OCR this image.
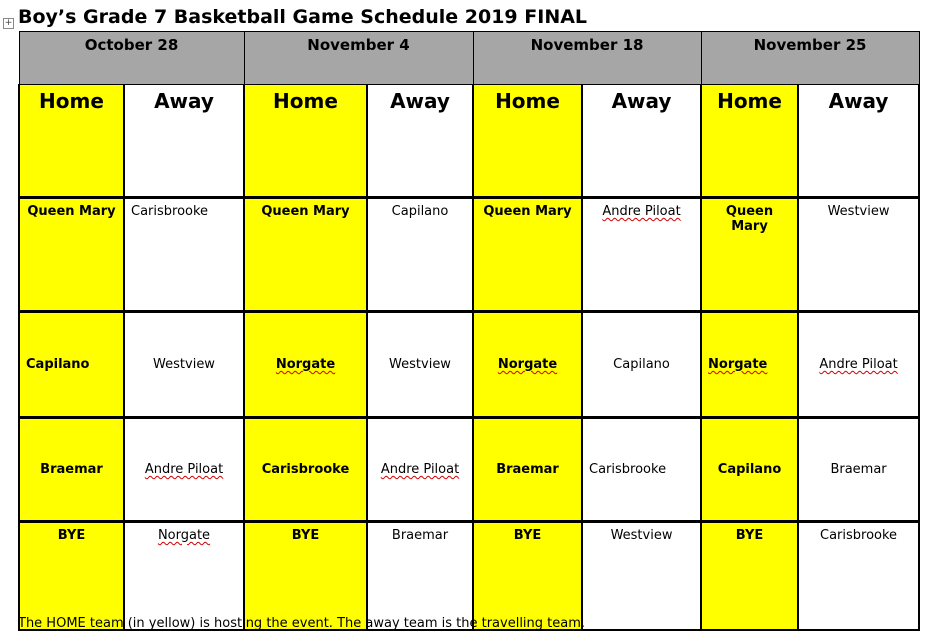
+ Boy’s Grade 7 Basketball Game Schedule 2019 FINAL
October 28		November 4		November 18		November 25	
Home	Away	Home	Away	Home	Away	Home	Away
Queen Mary	Carisbrooke	Queen Mary	Capilano	Queen Mary	Andre Piloat	Queen Mary	Westview
Capilano	Westview	Norgate	Westview	Norgate	Capilano	Norgate	Andre Piloat
Braemar	Andre Piloat	Carisbrooke	Andre Piloat	Braemar	Carisbrooke	Capilano	Braemar
BYE	Norgate	BYE	Braemar	BYE	Westview	BYE	Carisbrooke

The HOME team (in yellow) is hosting the event. The away team is the travelling team.
